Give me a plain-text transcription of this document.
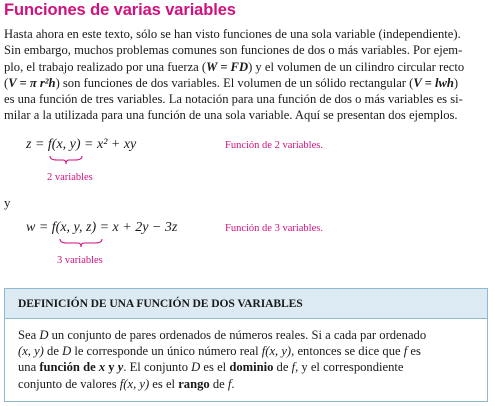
Funciones de varias variables

Hasta ahora en este texto, sólo se han visto funciones de una sola variable (independiente).

Sin embargo, muchos problemas comunes son funciones de dos o más variables. Por ejem-

plo, el trabajo realizado por una fuerza (W = FD) y el volumen de un cilindro circular recto

(V = π r²h) son funciones de dos variables. El volumen de un sólido rectangular (V = lwh)

es una función de tres variables. La notación para una función de dos o más variables es si-

milar a la utilizada para una función de una sola variable. Aquí se presentan dos ejemplos.

z = f(x, y) = x² + xy	Función de 2 variables.
2 variables
y
w = f(x, y, z) = x + 2y − 3z	Función de 3 variables.
3 variables
DEFINICIÓN DE UNA FUNCIÓN DE DOS VARIABLES

Sea D un conjunto de pares ordenados de números reales. Si a cada par ordenado

(x, y) de D le corresponde un único número real f(x, y), entonces se dice que f es

una función de x y y. El conjunto D es el dominio de f, y el correspondiente

conjunto de valores f(x, y) es el rango de f.
